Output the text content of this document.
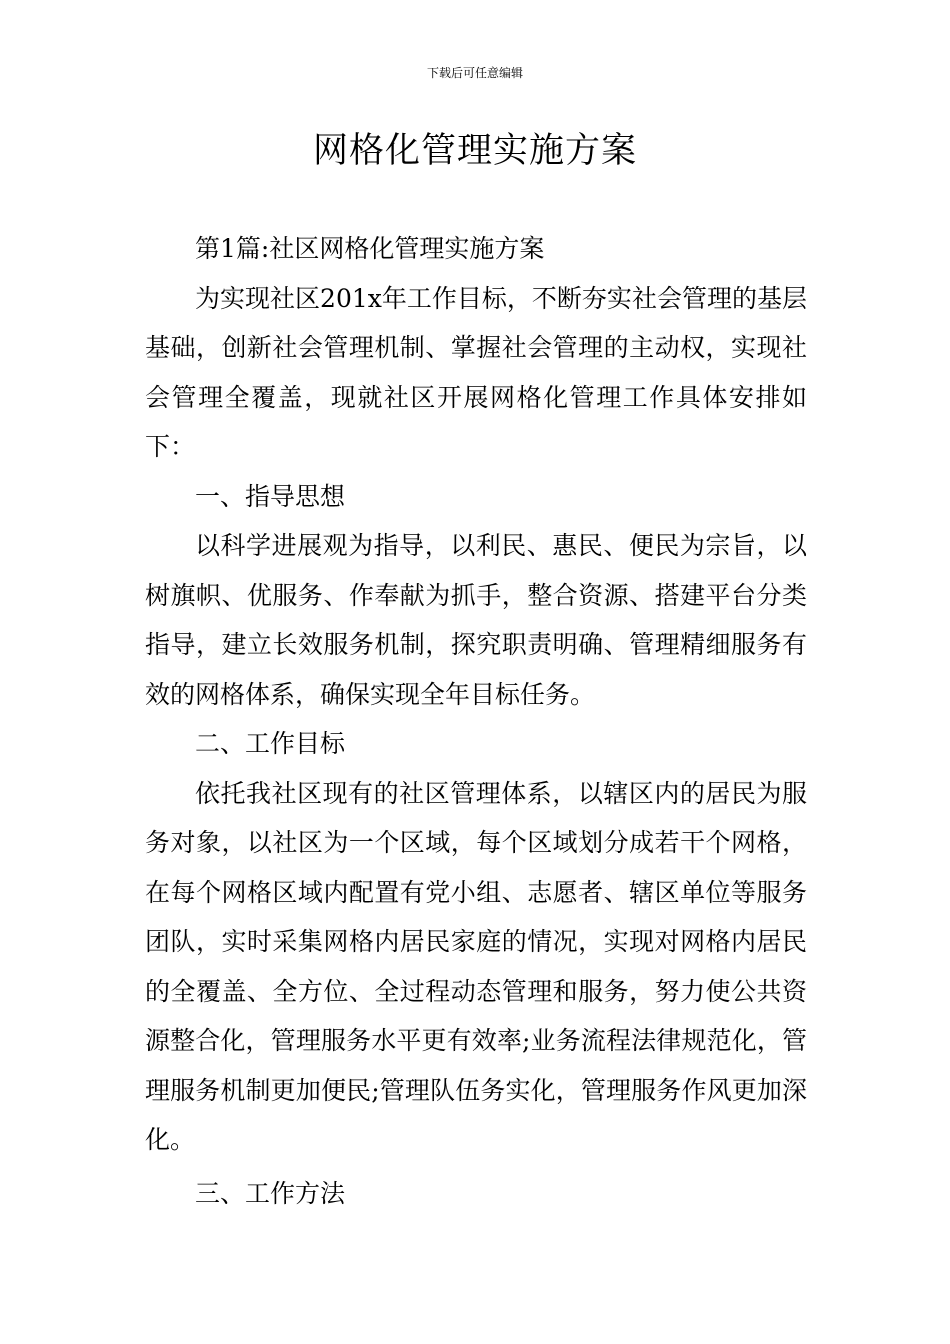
下载后可任意编辑
网格化管理实施方案

第1篇:社区网格化管理实施方案

为实现社区201x年工作目标，不断夯实社会管理的基层基础，创新社会管理机制、掌握社会管理的主动权，实现社会管理全覆盖，现就社区开展网格化管理工作具体安排如下：

一、指导思想

以科学进展观为指导，以利民、惠民、便民为宗旨，以树旗帜、优服务、作奉献为抓手，整合资源、搭建平台分类指导，建立长效服务机制，探究职责明确、管理精细服务有效的网格体系，确保实现全年目标任务。

二、工作目标

依托我社区现有的社区管理体系，以辖区内的居民为服务对象，以社区为一个区域，每个区域划分成若干个网格，在每个网格区域内配置有党小组、志愿者、辖区单位等服务团队，实时采集网格内居民家庭的情况，实现对网格内居民的全覆盖、全方位、全过程动态管理和服务，努力使公共资源整合化，管理服务水平更有效率;业务流程法律规范化，管理服务机制更加便民;管理队伍务实化，管理服务作风更加深化。

三、工作方法
